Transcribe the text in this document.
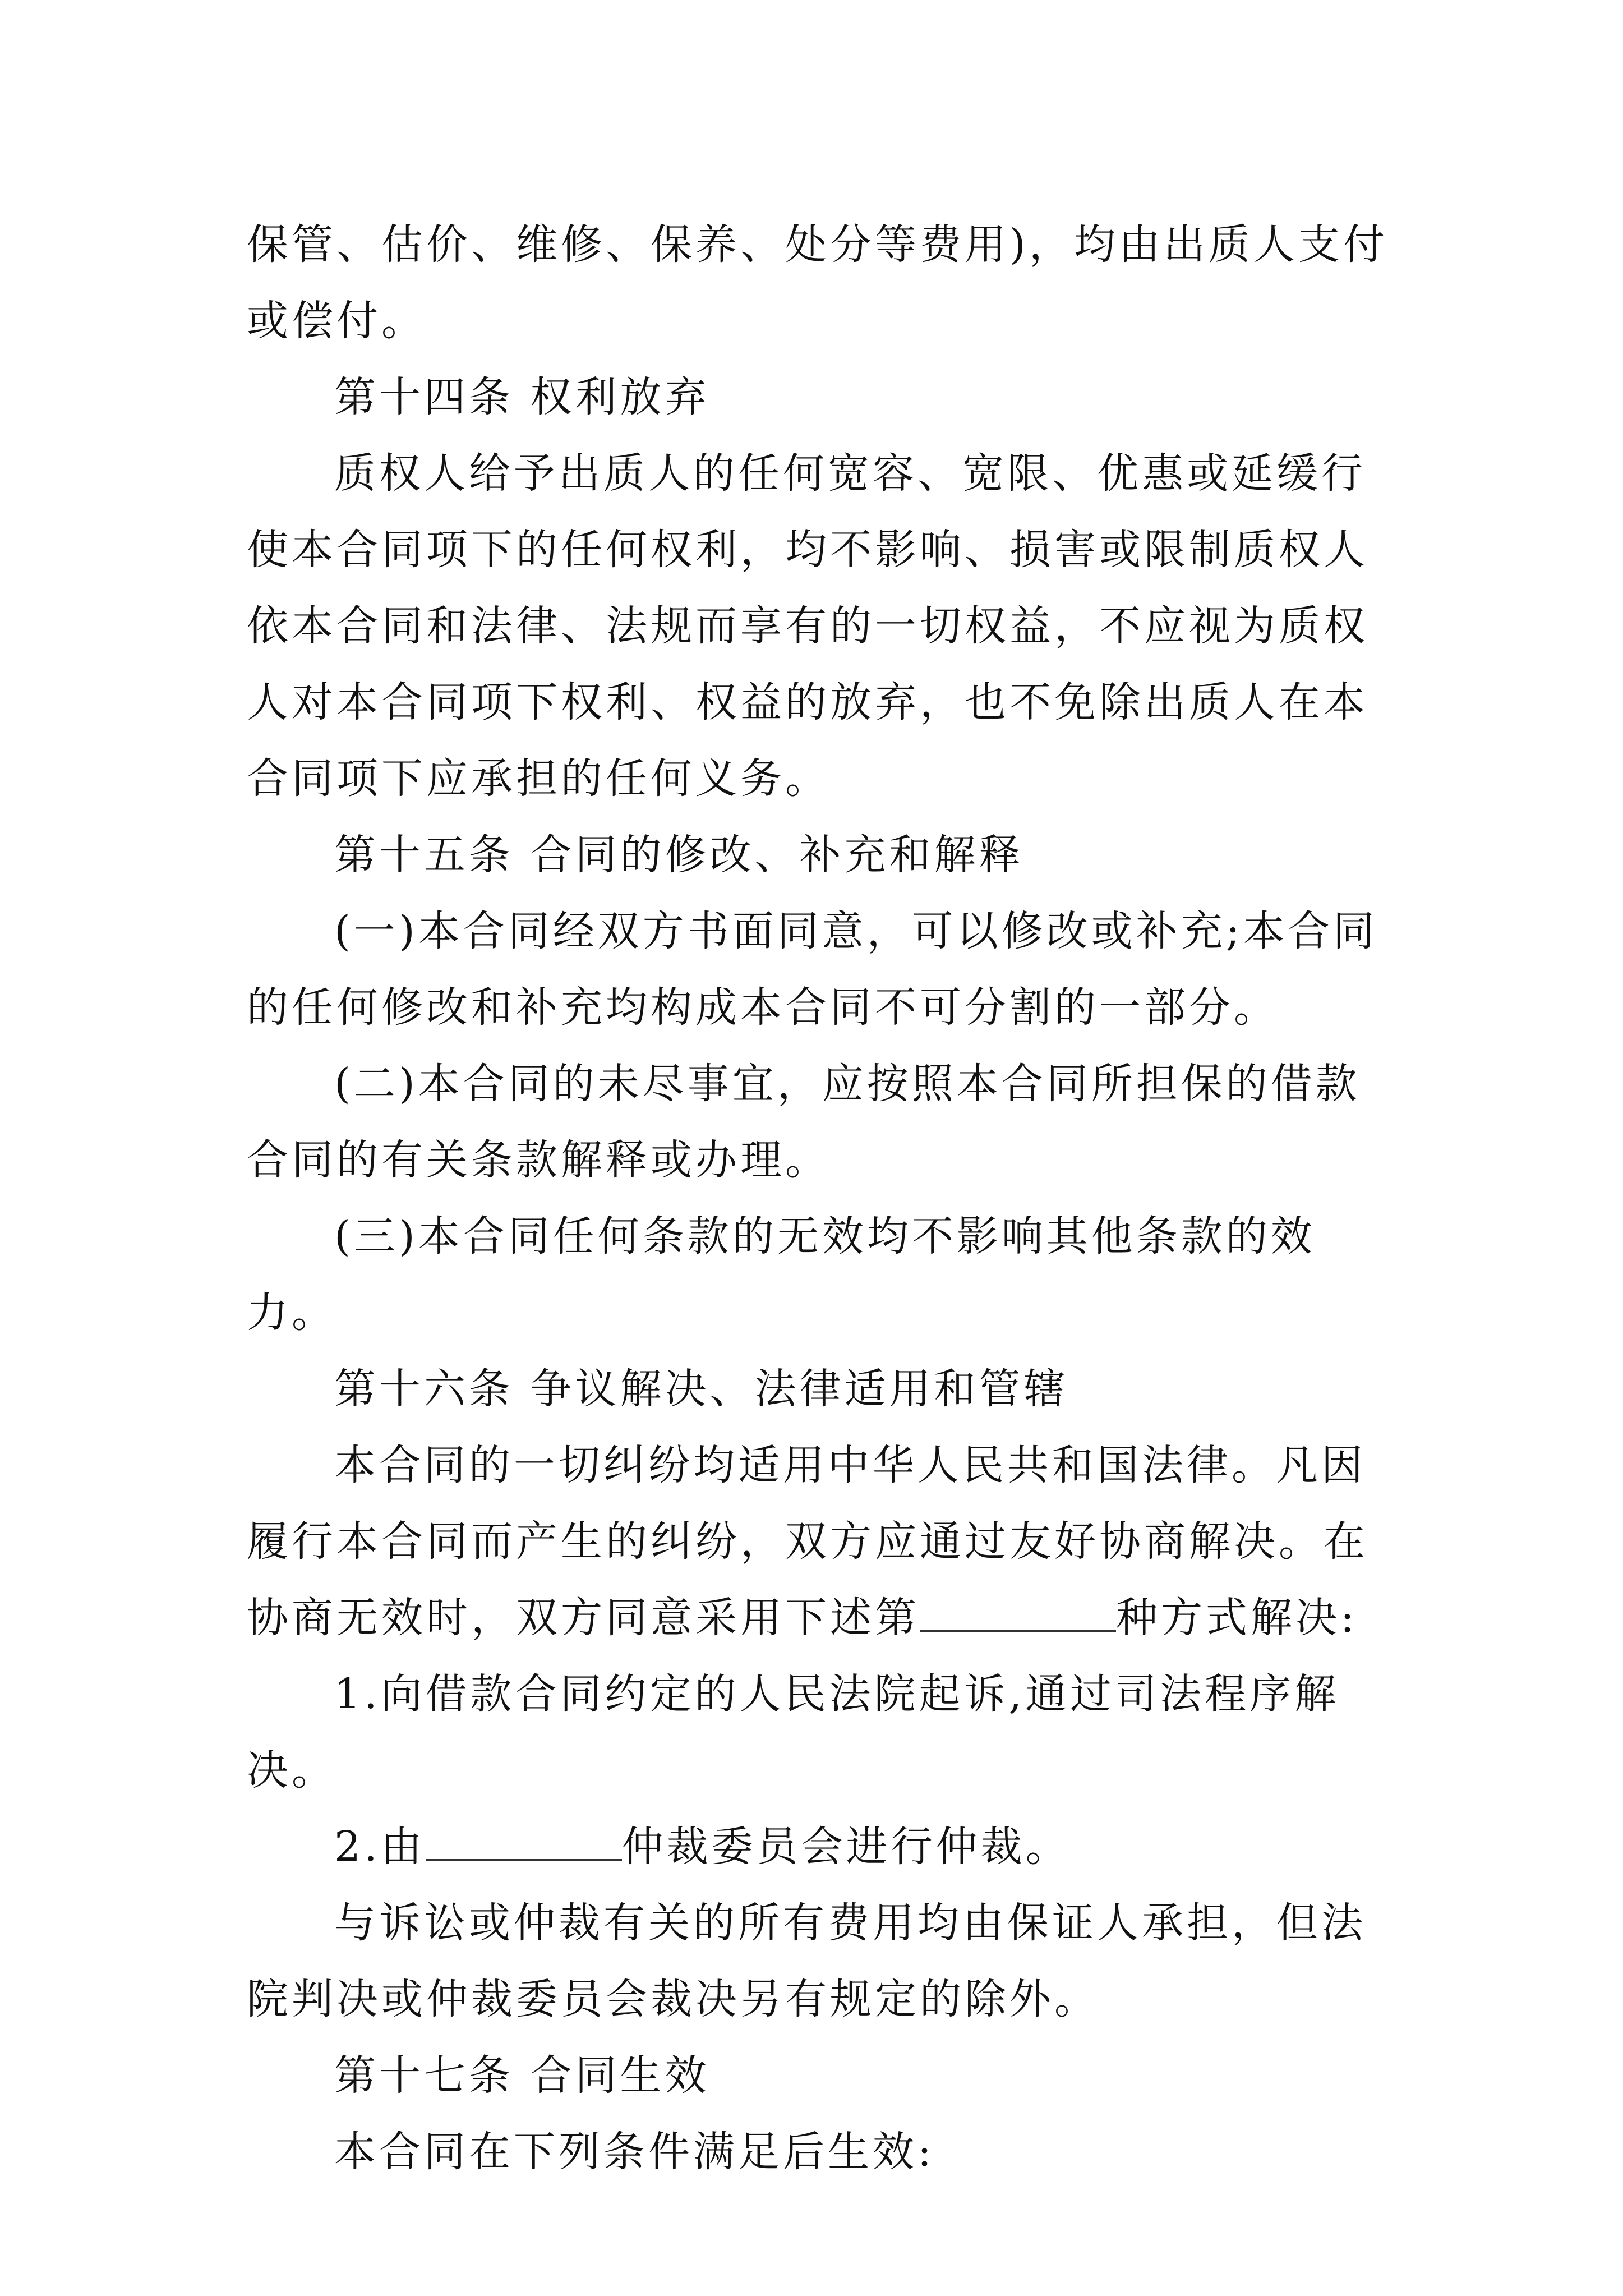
保管、估价、维修、保养、处分等费用)，均由出质人支付或偿付。

第十四条 权利放弃

质权人给予出质人的任何宽容、宽限、优惠或延缓行使本合同项下的任何权利，均不影响、损害或限制质权人依本合同和法律、法规而享有的一切权益，不应视为质权人对本合同项下权利、权益的放弃，也不免除出质人在本合同项下应承担的任何义务。

第十五条 合同的修改、补充和解释

(一)本合同经双方书面同意，可以修改或补充;本合同的任何修改和补充均构成本合同不可分割的一部分。

(二)本合同的未尽事宜，应按照本合同所担保的借款合同的有关条款解释或办理。

(三)本合同任何条款的无效均不影响其他条款的效力。

第十六条 争议解决、法律适用和管辖

本合同的一切纠纷均适用中华人民共和国法律。凡因履行本合同而产生的纠纷，双方应通过友好协商解决。在协商无效时，双方同意采用下述第	种方式解决:

1.向借款合同约定的人民法院起诉,通过司法程序解决。

2.由	仲裁委员会进行仲裁。

与诉讼或仲裁有关的所有费用均由保证人承担，但法院判决或仲裁委员会裁决另有规定的除外。

第十七条 合同生效

本合同在下列条件满足后生效:
